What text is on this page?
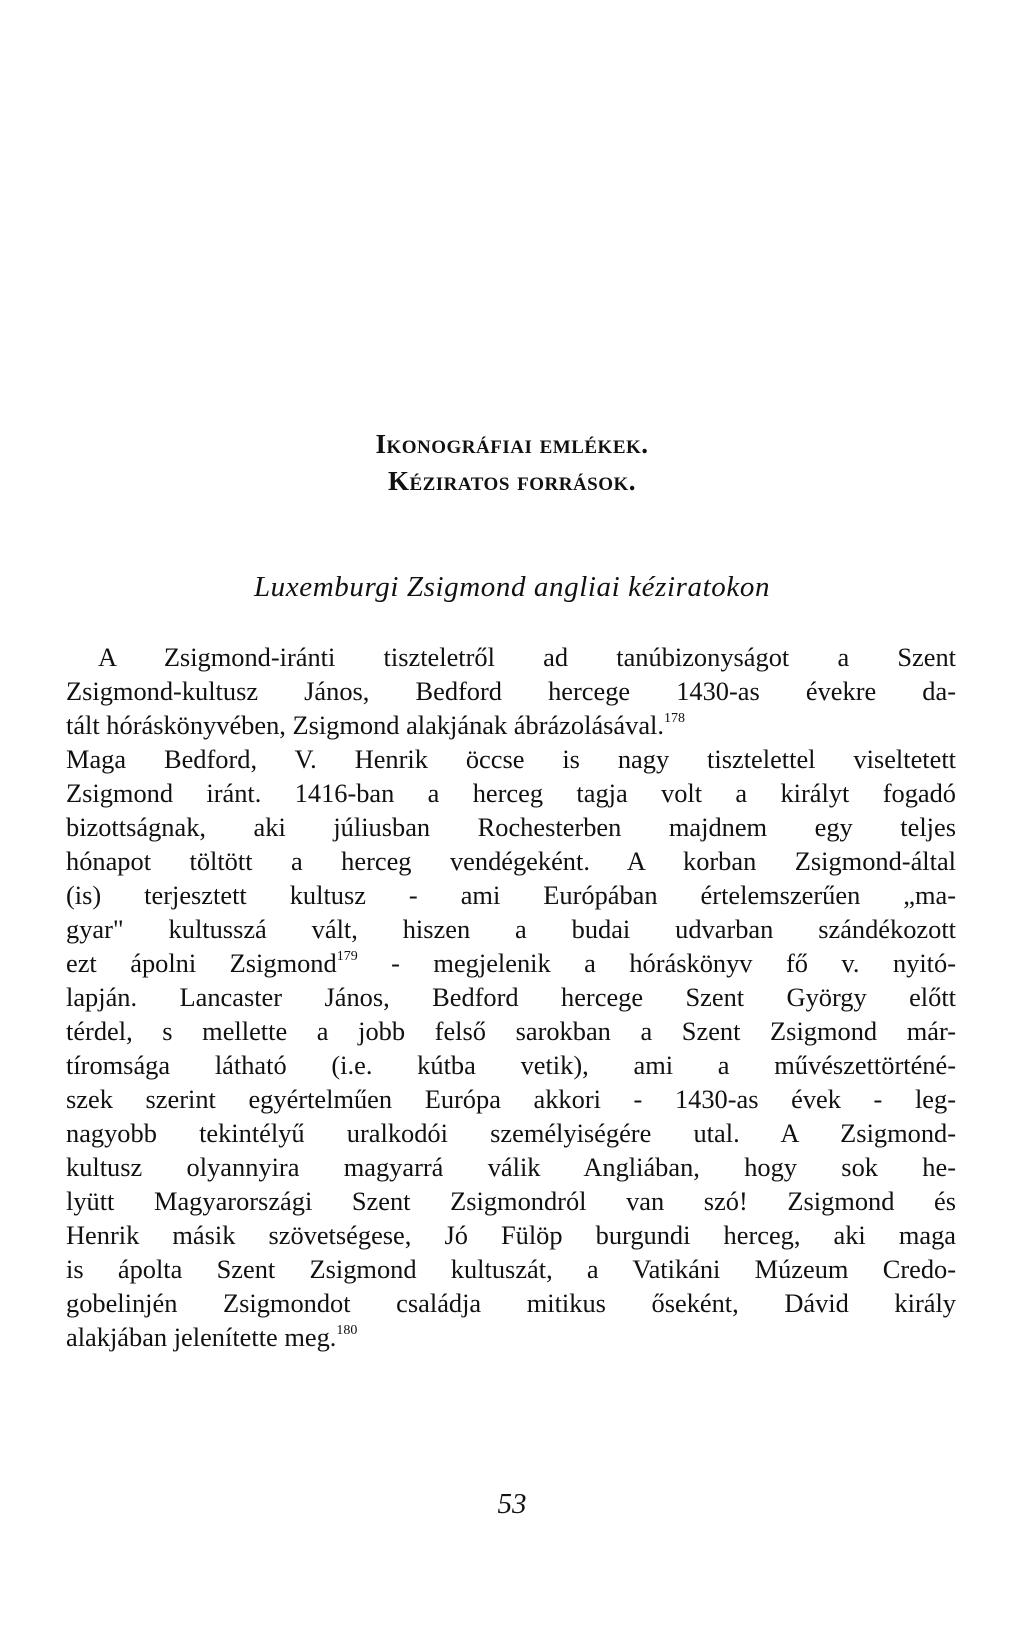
Ikonográfiai emlékek.
Kéziratos források.
Luxemburgi Zsigmond angliai kéziratokon
A Zsigmond-iránti tiszteletről ad tanúbizonyságot a Szent
Zsigmond-kultusz János, Bedford hercege 1430-as évekre da-
tált hóráskönyvében, Zsigmond alakjának ábrázolásával.$^{178}$
Maga Bedford, V. Henrik öccse is nagy tisztelettel viseltetett
Zsigmond iránt. 1416-ban a herceg tagja volt a királyt fogadó
bizottságnak, aki júliusban Rochesterben majdnem egy teljes
hónapot töltött a herceg vendégeként. A korban Zsigmond-által
(is) terjesztett kultusz - ami Európában értelemszerűen „ma-
gyar" kultusszá vált, hiszen a budai udvarban szándékozott
ezt ápolni Zsigmond$^{179}$ - megjelenik a hóráskönyv fő v. nyitó-
lapján. Lancaster János, Bedford hercege Szent György előtt
térdel, s mellette a jobb felső sarokban a Szent Zsigmond már-
tíromsága látható (i.e. kútba vetik), ami a művészettörténé-
szek szerint egyértelműen Európa akkori - 1430-as évek - leg-
nagyobb tekintélyű uralkodói személyiségére utal. A Zsigmond-
kultusz olyannyira magyarrá válik Angliában, hogy sok he-
lyütt Magyarországi Szent Zsigmondról van szó! Zsigmond és
Henrik másik szövetségese, Jó Fülöp burgundi herceg, aki maga
is ápolta Szent Zsigmond kultuszát, a Vatikáni Múzeum Credo-
gobelinjén Zsigmondot családja mitikus őseként, Dávid király
alakjában jelenítette meg.$^{180}$
53
